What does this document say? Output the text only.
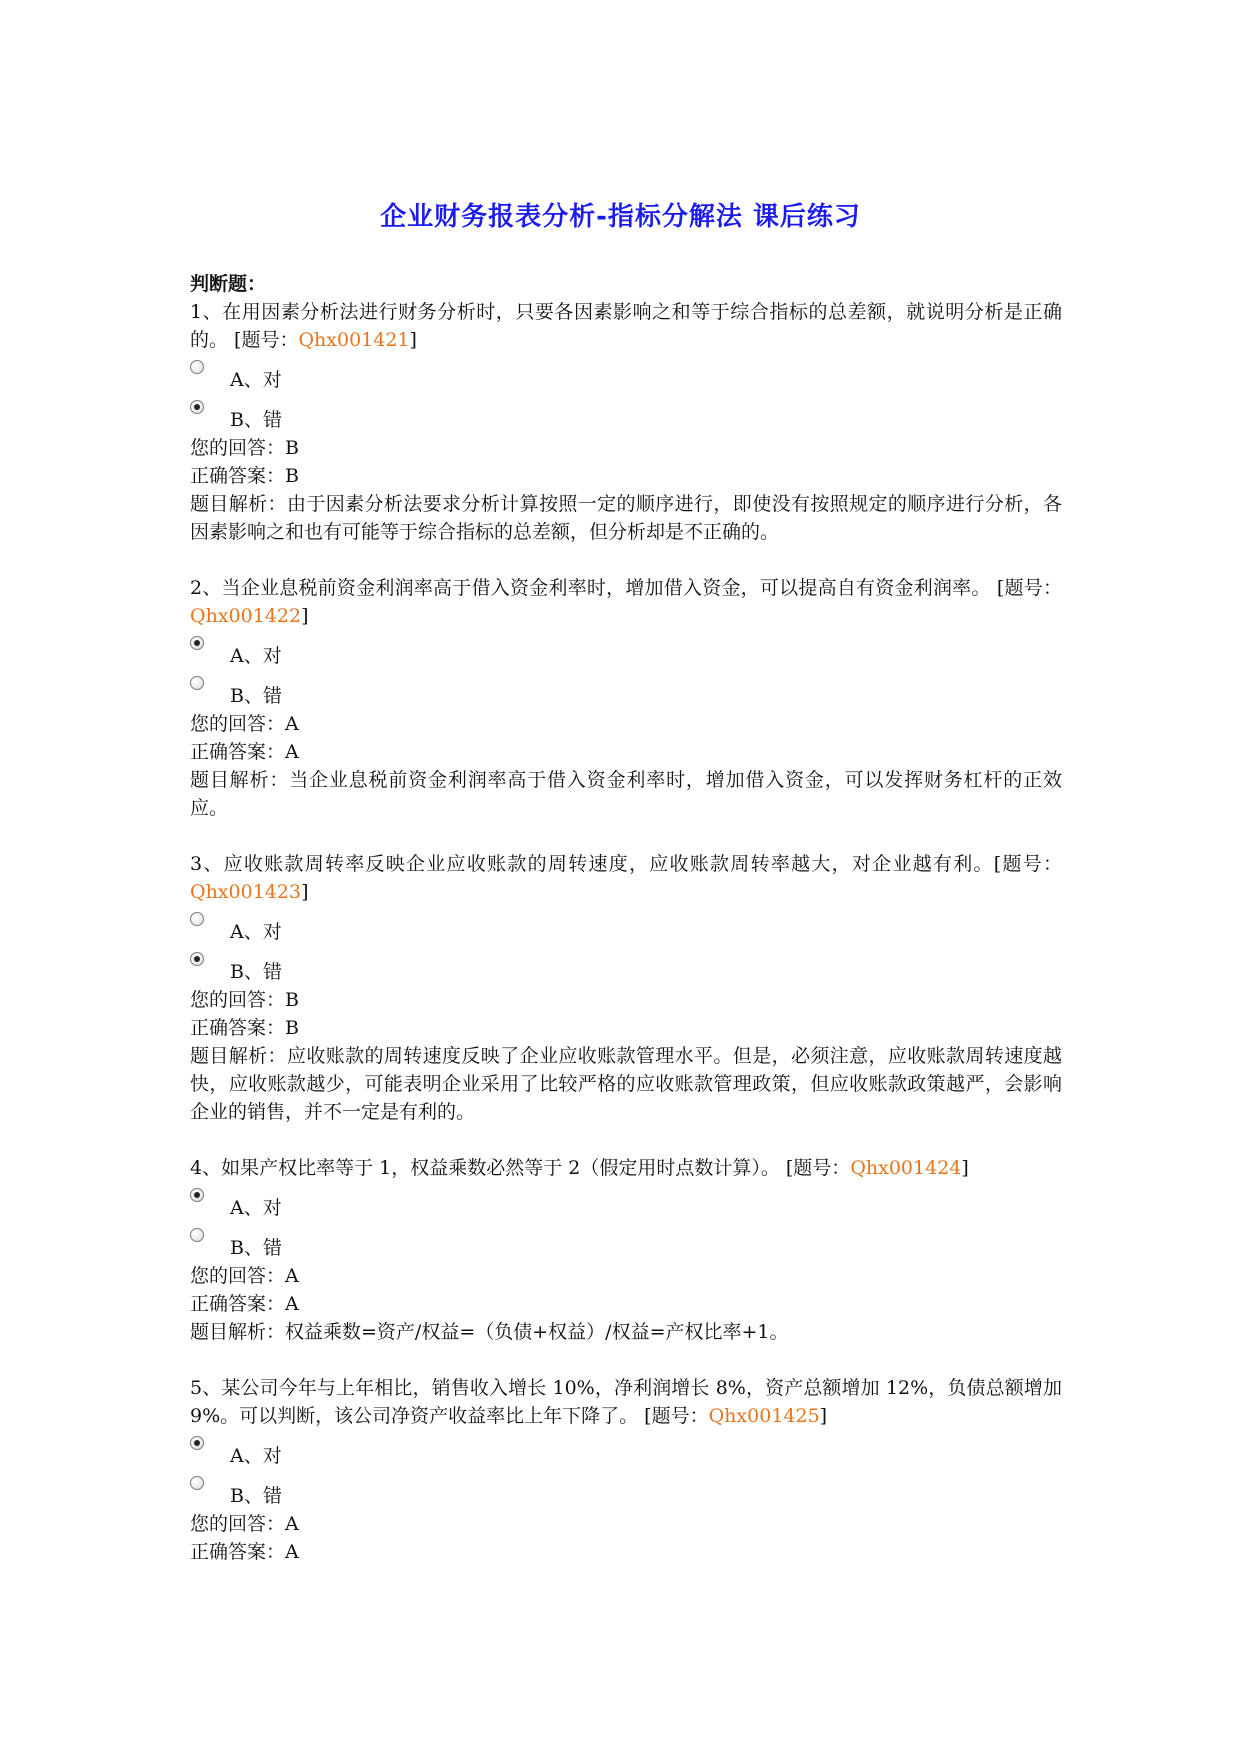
企业财务报表分析-指标分解法 课后练习
判断题：
1、在用因素分析法进行财务分析时，只要各因素影响之和等于综合指标的总差额，就说明分析是正确的。 [题号：Qhx001421]
A、对
B、错
您的回答：B
正确答案：B
题目解析：由于因素分析法要求分析计算按照一定的顺序进行，即使没有按照规定的顺序进行分析，各因素影响之和也有可能等于综合指标的总差额，但分析却是不正确的。
2、当企业息税前资金利润率高于借入资金利率时，增加借入资金，可以提高自有资金利润率。 [题号：Qhx001422]
A、对
B、错
您的回答：A
正确答案：A
题目解析：当企业息税前资金利润率高于借入资金利率时，增加借入资金，可以发挥财务杠杆的正效应。
3、应收账款周转率反映企业应收账款的周转速度，应收账款周转率越大，对企业越有利。[题号：Qhx001423]
A、对
B、错
您的回答：B
正确答案：B
题目解析：应收账款的周转速度反映了企业应收账款管理水平。但是，必须注意，应收账款周转速度越快，应收账款越少，可能表明企业采用了比较严格的应收账款管理政策，但应收账款政策越严，会影响企业的销售，并不一定是有利的。
4、如果产权比率等于 1，权益乘数必然等于 2（假定用时点数计算）。 [题号：Qhx001424]
A、对
B、错
您的回答：A
正确答案：A
题目解析：权益乘数=资产/权益=（负债+权益）/权益=产权比率+1。
5、某公司今年与上年相比，销售收入增长 10%，净利润增长 8%，资产总额增加 12%，负债总额增加 9%。可以判断，该公司净资产收益率比上年下降了。 [题号：Qhx001425]
A、对
B、错
您的回答：A
正确答案：A
